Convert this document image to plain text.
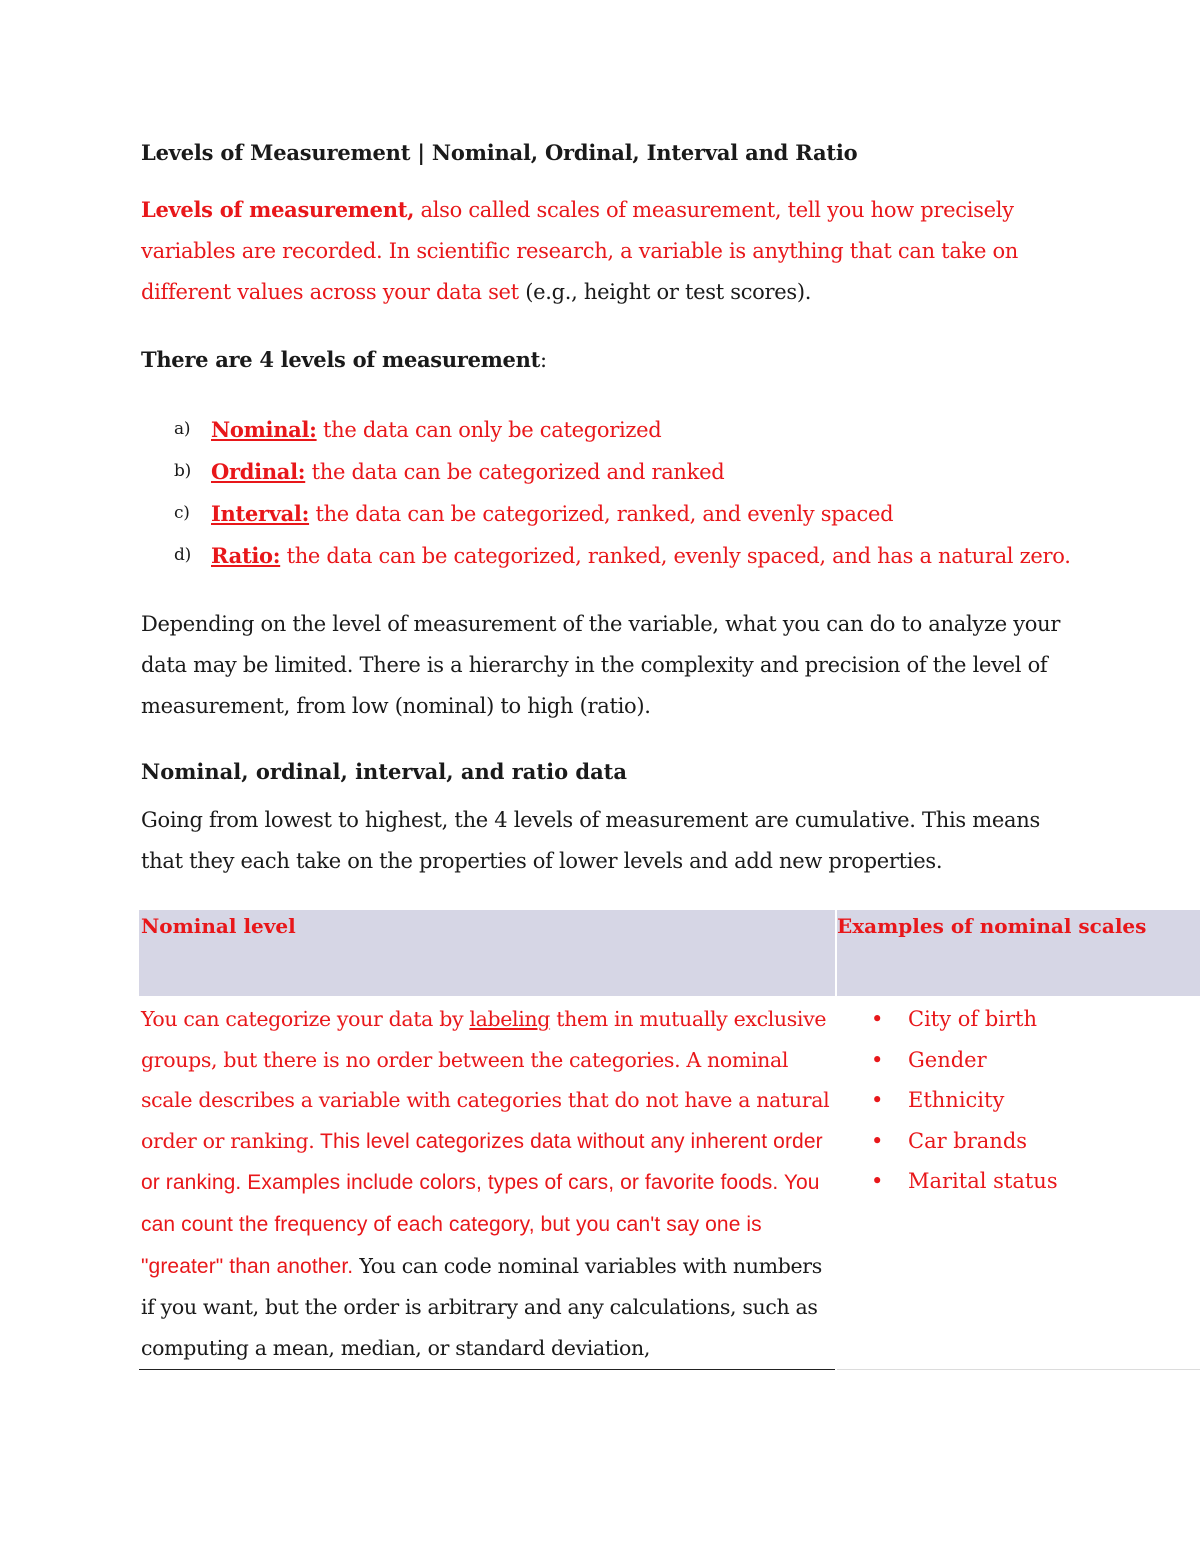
Levels of Measurement | Nominal, Ordinal, Interval and Ratio

Levels of measurement, also called scales of measurement, tell you how precisely variables are recorded. In scientific research, a variable is anything that can take on different values across your data set (e.g., height or test scores).

There are 4 levels of measurement:

a) Nominal: the data can only be categorized
b) Ordinal: the data can be categorized and ranked
c) Interval: the data can be categorized, ranked, and evenly spaced
d) Ratio: the data can be categorized, ranked, evenly spaced, and has a natural zero.

Depending on the level of measurement of the variable, what you can do to analyze your data may be limited. There is a hierarchy in the complexity and precision of the level of measurement, from low (nominal) to high (ratio).

Nominal, ordinal, interval, and ratio data

Going from lowest to highest, the 4 levels of measurement are cumulative. This means that they each take on the properties of lower levels and add new properties.

Nominal level	Examples of nominal scales

You can categorize your data by labeling them in mutually exclusive groups, but there is no order between the categories. A nominal scale describes a variable with categories that do not have a natural order or ranking. This level categorizes data without any inherent order or ranking. Examples include colors, types of cars, or favorite foods. You can count the frequency of each category, but you can't say one is "greater" than another. You can code nominal variables with numbers if you want, but the order is arbitrary and any calculations, such as computing a mean, median, or standard deviation,

• City of birth
• Gender
• Ethnicity
• Car brands
• Marital status
